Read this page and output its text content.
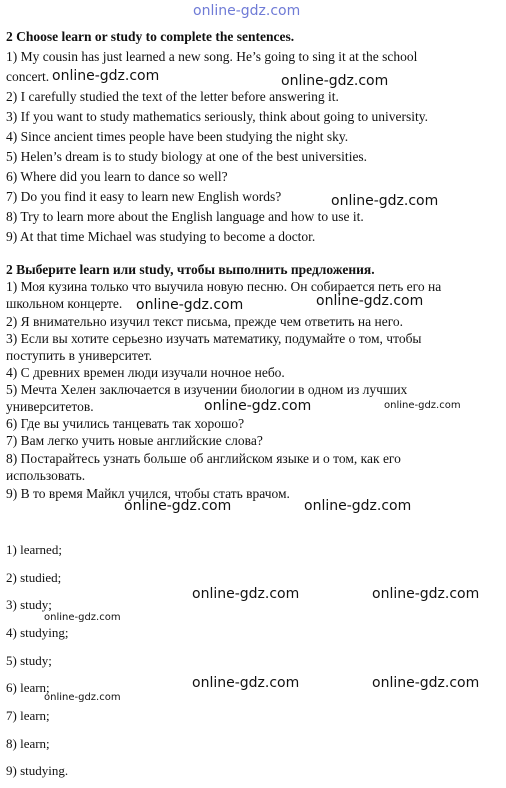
online-gdz.com
2 Choose learn or study to complete the sentences.
1) My cousin has just learned a new song. He’s going to sing it at the school
concert.
2) I carefully studied the text of the letter before answering it.
3) If you want to study mathematics seriously, think about going to university.
4) Since ancient times people have been studying the night sky.
5) Helen’s dream is to study biology at one of the best universities.
6) Where did you learn to dance so well?
7) Do you find it easy to learn new English words?
8) Try to learn more about the English language and how to use it.
9) At that time Michael was studying to become a doctor.
2 Выберите learn или study, чтобы выполнить предложения.
1) Моя кузина только что выучила новую песню. Он собирается петь его на
школьном концерте.
2) Я внимательно изучил текст письма, прежде чем ответить на него.
3) Если вы хотите серьезно изучать математику, подумайте о том, чтобы
поступить в университет.
4) С древних времен люди изучали ночное небо.
5) Мечта Хелен заключается в изучении биологии в одном из лучших
университетов.
6) Где вы учились танцевать так хорошо?
7) Вам легко учить новые английские слова?
8) Постарайтесь узнать больше об английском языке и о том, как его
использовать.
9) В то время Майкл учился, чтобы стать врачом.
1) learned;
2) studied;
3) study;
4) studying;
5) study;
6) learn;
7) learn;
8) learn;
9) studying.
online-gdz.com	online-gdz.com
online-gdz.com
online-gdz.com	online-gdz.com
online-gdz.com	online-gdz.com
online-gdz.com	online-gdz.com
online-gdz.com	online-gdz.com
online-gdz.com
online-gdz.com	online-gdz.com
online-gdz.com
